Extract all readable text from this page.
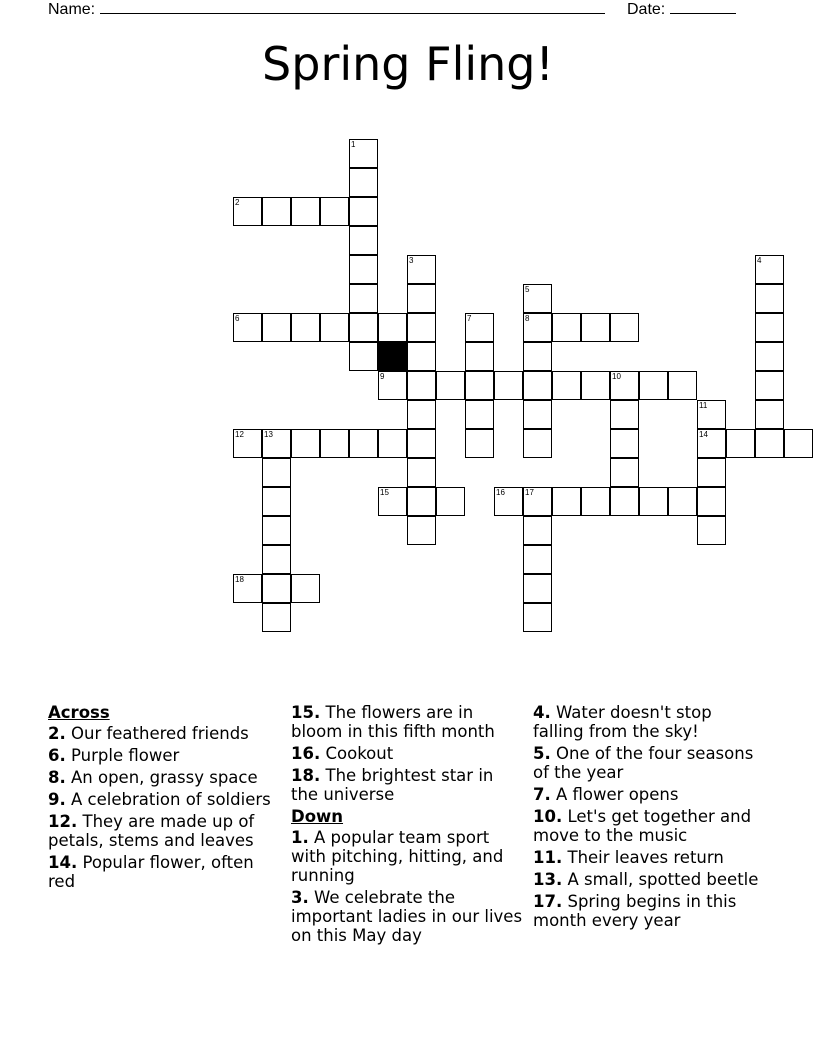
Name:	Date:
Spring Fling!
1
2
3	4
5
6	7	8
9	10
11
12	13	14
15	16	17
18
Across
2. Our feathered friends
6. Purple flower
8. An open, grassy space
9. A celebration of soldiers
12. They are made up of petals, stems and leaves
14. Popular flower, often red
15. The flowers are in bloom in this fifth month
16. Cookout
18. The brightest star in the universe
Down
1. A popular team sport with pitching, hitting, and running
3. We celebrate the important ladies in our lives on this May day
4. Water doesn't stop falling from the sky!
5. One of the four seasons of the year
7. A flower opens
10. Let's get together and move to the music
11. Their leaves return
13. A small, spotted beetle
17. Spring begins in this month every year
